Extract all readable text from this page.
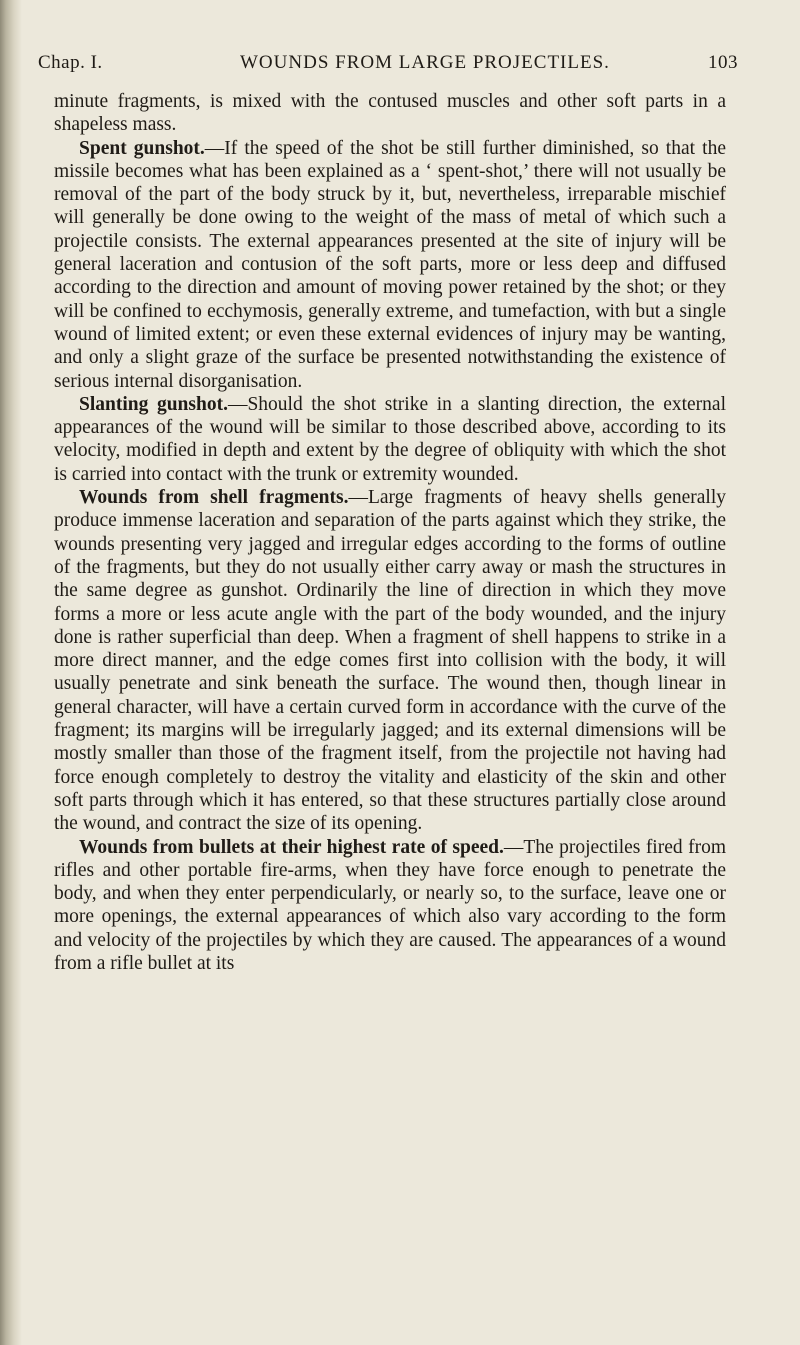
Chap. I.	WOUNDS FROM LARGE PROJECTILES.	103

minute fragments, is mixed with the contused muscles and other soft parts in a shapeless mass.

Spent gunshot.—If the speed of the shot be still further diminished, so that the missile becomes what has been explained as a ‘ spent-shot,’ there will not usually be removal of the part of the body struck by it, but, nevertheless, irreparable mischief will generally be done owing to the weight of the mass of metal of which such a projectile consists. The external appearances presented at the site of injury will be general laceration and contusion of the soft parts, more or less deep and diffused according to the direction and amount of moving power retained by the shot; or they will be confined to ecchymosis, generally extreme, and tumefaction, with but a single wound of limited extent; or even these external evidences of injury may be wanting, and only a slight graze of the surface be presented notwithstanding the existence of serious internal disorganisation.

Slanting gunshot.—Should the shot strike in a slanting direction, the external appearances of the wound will be similar to those described above, according to its velocity, modified in depth and extent by the degree of obliquity with which the shot is carried into contact with the trunk or extremity wounded.

Wounds from shell fragments.—Large fragments of heavy shells generally produce immense laceration and separation of the parts against which they strike, the wounds presenting very jagged and irregular edges according to the forms of outline of the fragments, but they do not usually either carry away or mash the structures in the same degree as gunshot. Ordinarily the line of direction in which they move forms a more or less acute angle with the part of the body wounded, and the injury done is rather superficial than deep. When a fragment of shell happens to strike in a more direct manner, and the edge comes first into collision with the body, it will usually penetrate and sink beneath the surface. The wound then, though linear in general character, will have a certain curved form in accordance with the curve of the fragment; its margins will be irregularly jagged; and its external dimensions will be mostly smaller than those of the fragment itself, from the projectile not having had force enough completely to destroy the vitality and elasticity of the skin and other soft parts through which it has entered, so that these structures partially close around the wound, and contract the size of its opening.

Wounds from bullets at their highest rate of speed.—The projectiles fired from rifles and other portable fire-arms, when they have force enough to penetrate the body, and when they enter perpendicularly, or nearly so, to the surface, leave one or more openings, the external appearances of which also vary according to the form and velocity of the projectiles by which they are caused. The appearances of a wound from a rifle bullet at its
